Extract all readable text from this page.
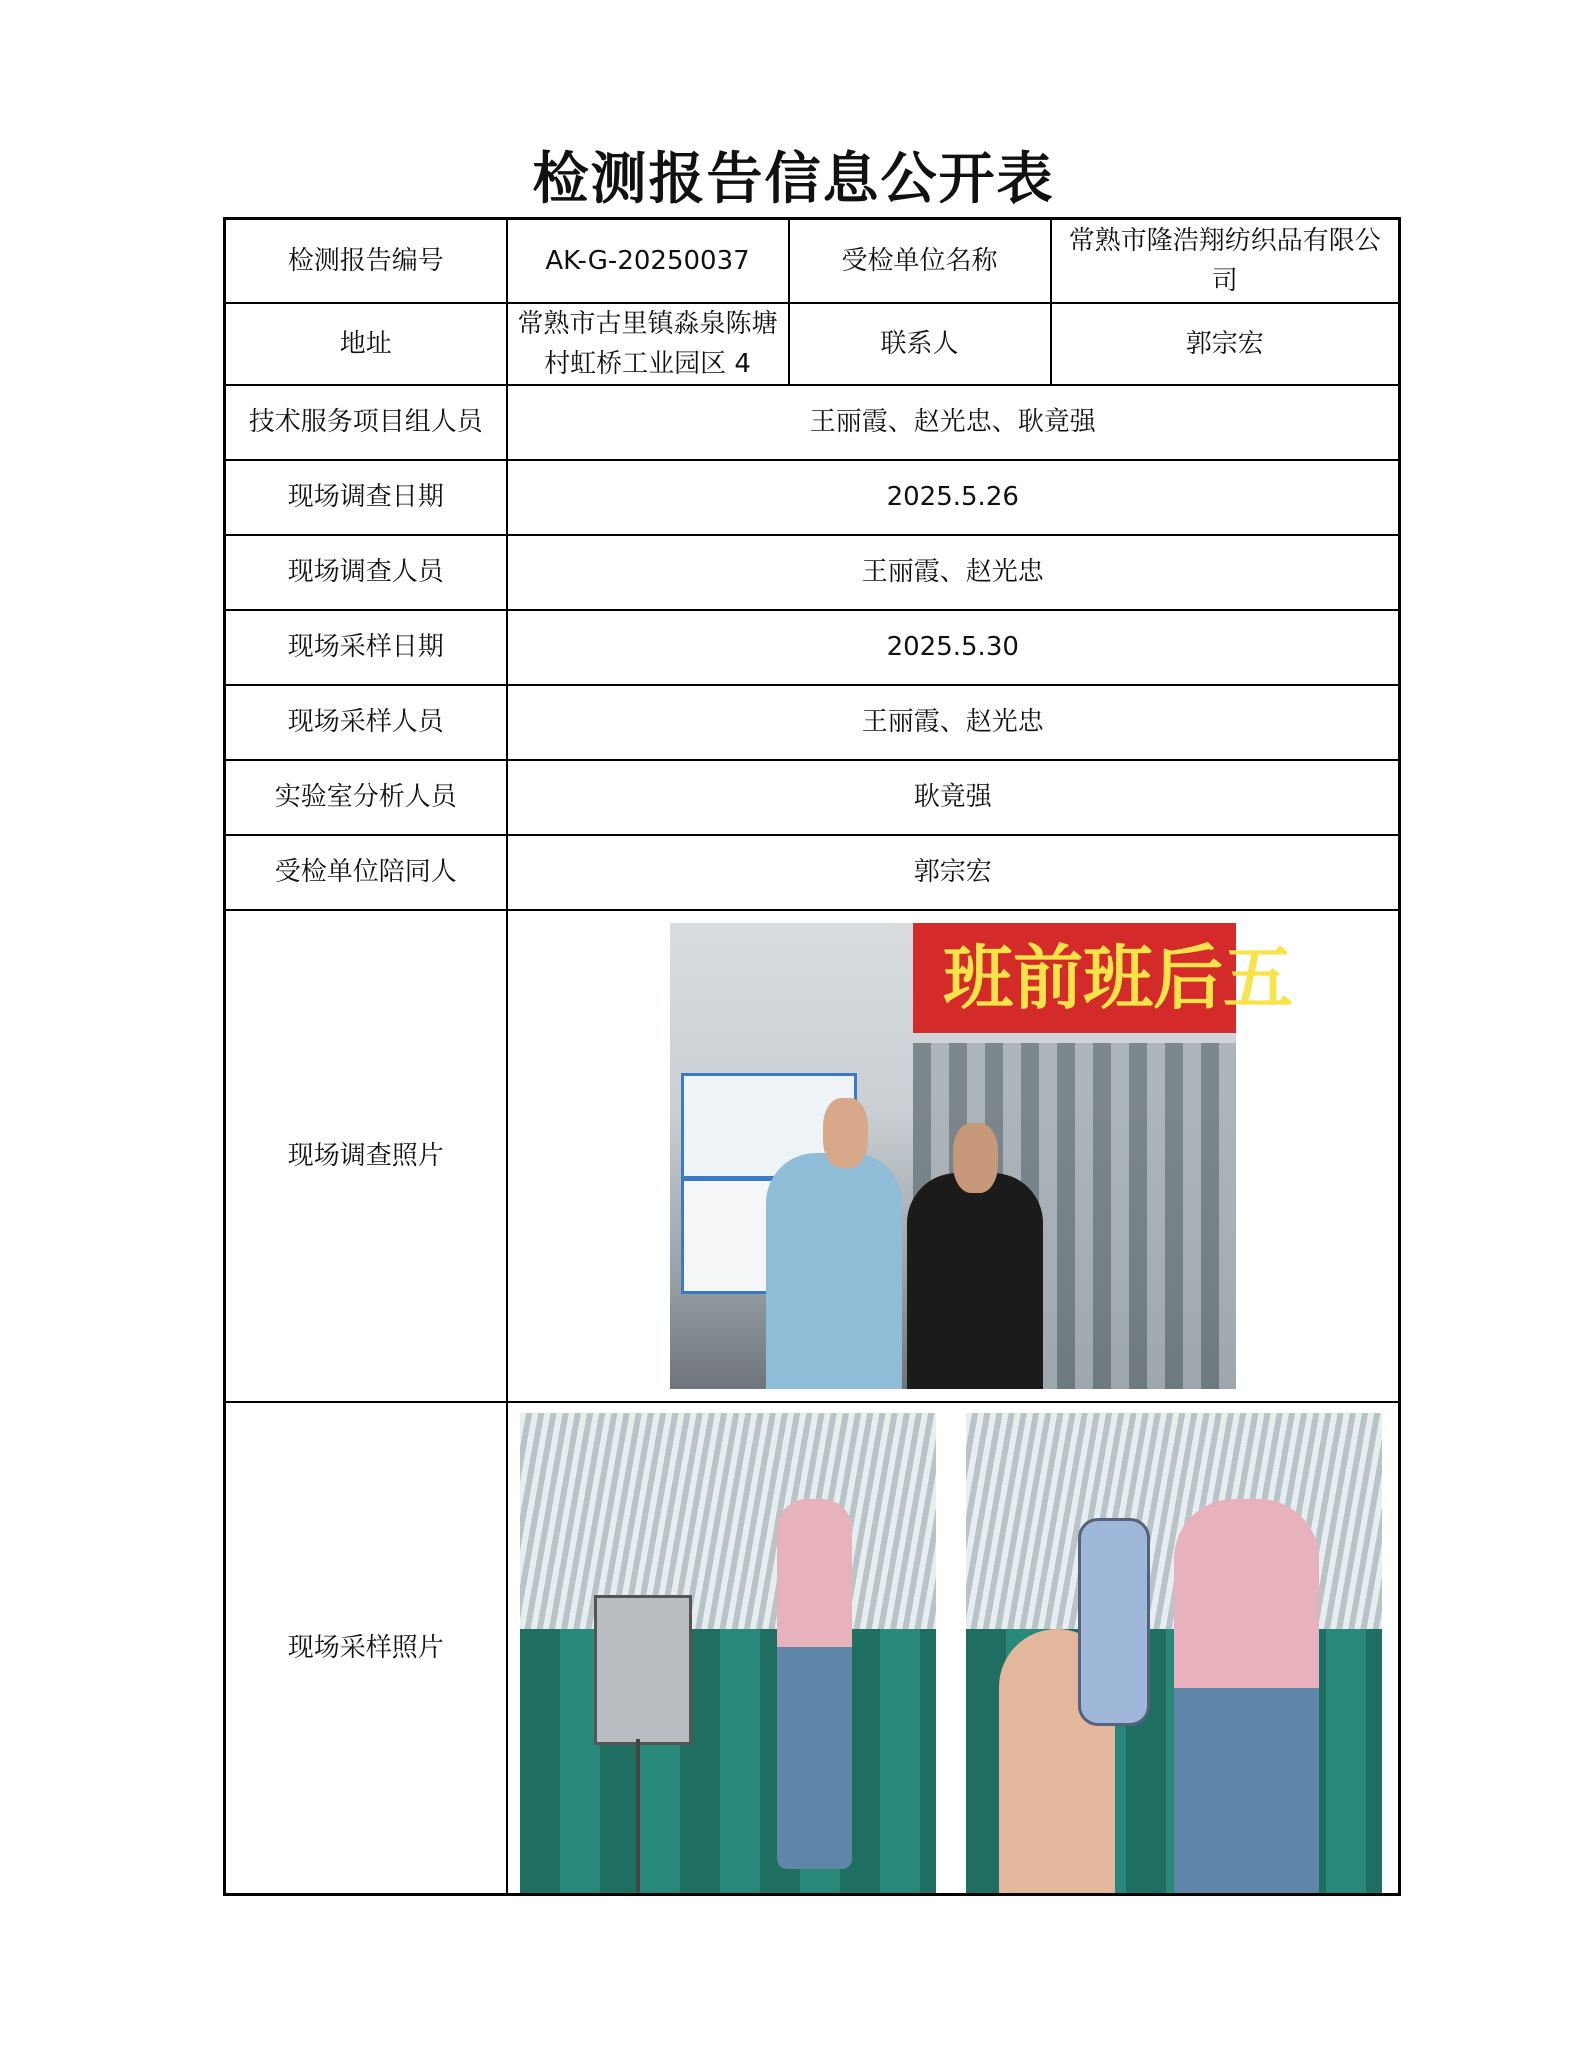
检测报告信息公开表
检测报告编号	AK-G-20250037	受检单位名称	常熟市隆浩翔纺织品有限公司
地址	常熟市古里镇淼泉陈塘村虹桥工业园区 4	联系人	郭宗宏
技术服务项目组人员	王丽霞、赵光忠、耿竟强		
现场调查日期	2025.5.26		
现场调查人员	王丽霞、赵光忠		
现场采样日期	2025.5.30		
现场采样人员	王丽霞、赵光忠		
实验室分析人员	耿竟强		
受检单位陪同人	郭宗宏		
现场调查照片	班前班后五		

现场采样照片			
